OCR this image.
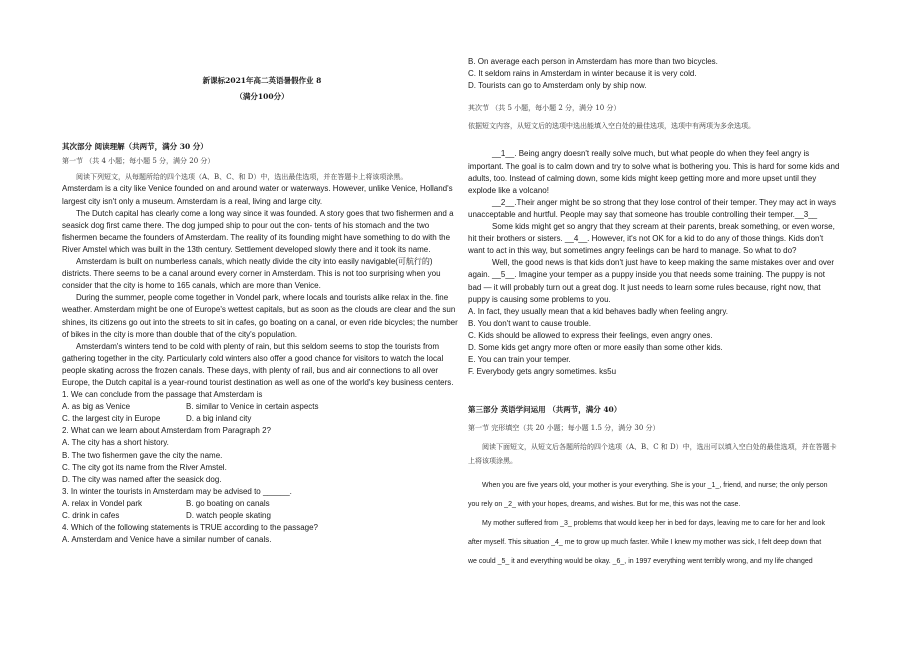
新课标2021年高二英语暑假作业 8

（满分100分）

其次部分 阅读理解（共两节，满分 30 分）

第一节 （共 4 小题；每小题 5 分，满分 20 分）

阅读下列短文，从每题所给的四个选项（A、B、C、和 D）中，选出最佳选项，并在答题卡上将该项涂黑。

Amsterdam is a city like Venice founded on and around water or waterways. However, unlike Venice, Holland's largest city isn't only a museum. Amsterdam is a real, living and large city.

The Dutch capital has clearly come a long way since it was founded. A story goes that two fishermen and a seasick dog first came there. The dog jumped ship to pour out the con- tents of his stomach and the two fishermen became the founders of Amsterdam. The reality of its founding might have something to do with the River Amstel which was built in the 13th century. Settlement developed slowly there and it took its name.

Amsterdam is built on numberless canals, which neatly divide the city into easily navigable(可航行的) districts. There seems to be a canal around every corner in Amsterdam. This is not too surprising when you consider that the city is home to 165 canals, which are more than Venice.

During the summer, people come together in Vondel park, where locals and tourists alike relax in the. fine weather. Amsterdam might be one of Europe's wettest capitals, but as soon as the clouds are clear and the sun shines, its citizens go out into the streets to sit in cafes, go boating on a canal, or even ride bicycles; the number of bikes in the city is more than double that of the city's population.

Amsterdam's winters tend to be cold with plenty of rain, but this seldom seems to stop the tourists from gathering together in the city. Particularly cold winters also offer a good chance for visitors to watch the local people skating across the frozen canals. These days, with plenty of rail, bus and air connections to all over Europe, the Dutch capital is a year-round tourist destination as well as one of the world's key business centers.

1. We can conclude from the passage that Amsterdam is

A. as big as Venice	B. similar to Venice in certain aspects
C. the largest city in Europe	D. a big inland city

2. What can we learn about Amsterdam from Paragraph 2?

A. The city has a short history.

B. The two fishermen gave the city the name.

C. The city got its name from the River Amstel.

D. The city was named after the seasick dog.

3. In winter the tourists in Amsterdam may be advised to ______.

A. relax in Vondel park	B. go boating on canals
C. drink in cafes	D. watch people skating

4. Which of the following statements is TRUE according to the passage?

A. Amsterdam and Venice have a similar number of canals.

B. On average each person in Amsterdam has more than two bicycles.

C. It seldom rains in Amsterdam in winter because it is very cold.

D. Tourists can go to Amsterdam only by ship now.

其次节 （共 5 小题，每小题 2 分，满分 10 分）

依据短文内容，从短文后的选项中选出能填入空白处的最佳选项，选项中有两项为多余选项。

__1__. Being angry doesn't really solve much, but what people do when they feel angry is important. The goal is to calm down and try to solve what is bothering you. This is hard for some kids and adults, too. Instead of calming down, some kids might keep getting more and more upset until they explode like a volcano!

__2__.Their anger might be so strong that they lose control of their temper. They may act in ways unacceptable and hurtful. People may say that someone has trouble controlling their temper.__3__

Some kids might get so angry that they scream at their parents, break something, or even worse, hit their brothers or sisters. __4__. However, it's not OK for a kid to do any of those things. Kids don't want to act in this way, but sometimes angry feelings can be hard to manage. So what to do?

Well, the good news is that kids don't just have to keep making the same mistakes over and over again. __5__. Imagine your temper as a puppy inside you that needs some training. The puppy is not bad — it will probably turn out a great dog. It just needs to learn some rules because, right now, that puppy is causing some problems to you.

A. In fact, they usually mean that a kid behaves badly when feeling angry.

B. You don't want to cause trouble.

C. Kids should be allowed to express their feelings, even angry ones.

D. Some kids get angry more often or more easily than some other kids.

E. You can train your temper.

F. Everybody gets angry sometimes. ks5u

第三部分 英语学问运用 （共两节，满分 40）

第一节 完形填空（共 20 小题；每小题 1.5 分，满分 30 分）

阅读下面短文，从短文后各题所给的四个选项（A、B、C 和 D）中，选出可以填入空白处的最佳选项，并在答题卡上将该项涂黑。

When you are five years old, your mother is your everything. She is your _1_, friend, and nurse; the only person

you rely on _2_ with your hopes, dreams, and wishes. But for me, this was not the case.

My mother suffered from _3_ problems that would keep her in bed for days, leaving me to care for her and look

after myself. This situation _4_ me to grow up much faster. While I knew my mother was sick, I felt deep down that

we could _5_ it and everything would be okay. _6_, in 1997 everything went terribly wrong, and my life changed
